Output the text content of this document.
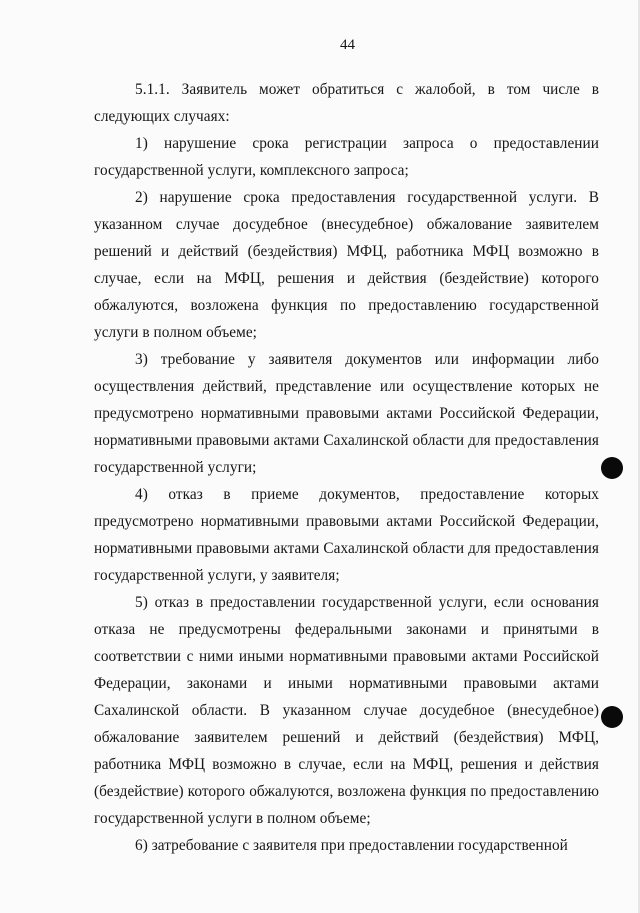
44

5.1.1. Заявитель может обратиться с жалобой, в том числе в следующих случаях:

1) нарушение срока регистрации запроса о предоставлении государственной услуги, комплексного запроса;

2) нарушение срока предоставления государственной услуги. В указанном случае досудебное (внесудебное) обжалование заявителем решений и действий (бездействия) МФЦ, работника МФЦ возможно в случае, если на МФЦ, решения и действия (бездействие) которого обжалуются, возложена функция по предоставлению государственной услуги в полном объеме;

3) требование у заявителя документов или информации либо осуществления действий, представление или осуществление которых не предусмотрено нормативными правовыми актами Российской Федерации, нормативными правовыми актами Сахалинской области для предоставления государственной услуги;

4) отказ в приеме документов, предоставление которых предусмотрено нормативными правовыми актами Российской Федерации, нормативными правовыми актами Сахалинской области для предоставления государственной услуги, у заявителя;

5) отказ в предоставлении государственной услуги, если основания отказа не предусмотрены федеральными законами и принятыми в соответствии с ними иными нормативными правовыми актами Российской Федерации, законами и иными нормативными правовыми актами Сахалинской области. В указанном случае досудебное (внесудебное) обжалование заявителем решений и действий (бездействия) МФЦ, работника МФЦ возможно в случае, если на МФЦ, решения и действия (бездействие) которого обжалуются, возложена функция по предоставлению государственной услуги в полном объеме;

6) затребование с заявителя при предоставлении государственной
